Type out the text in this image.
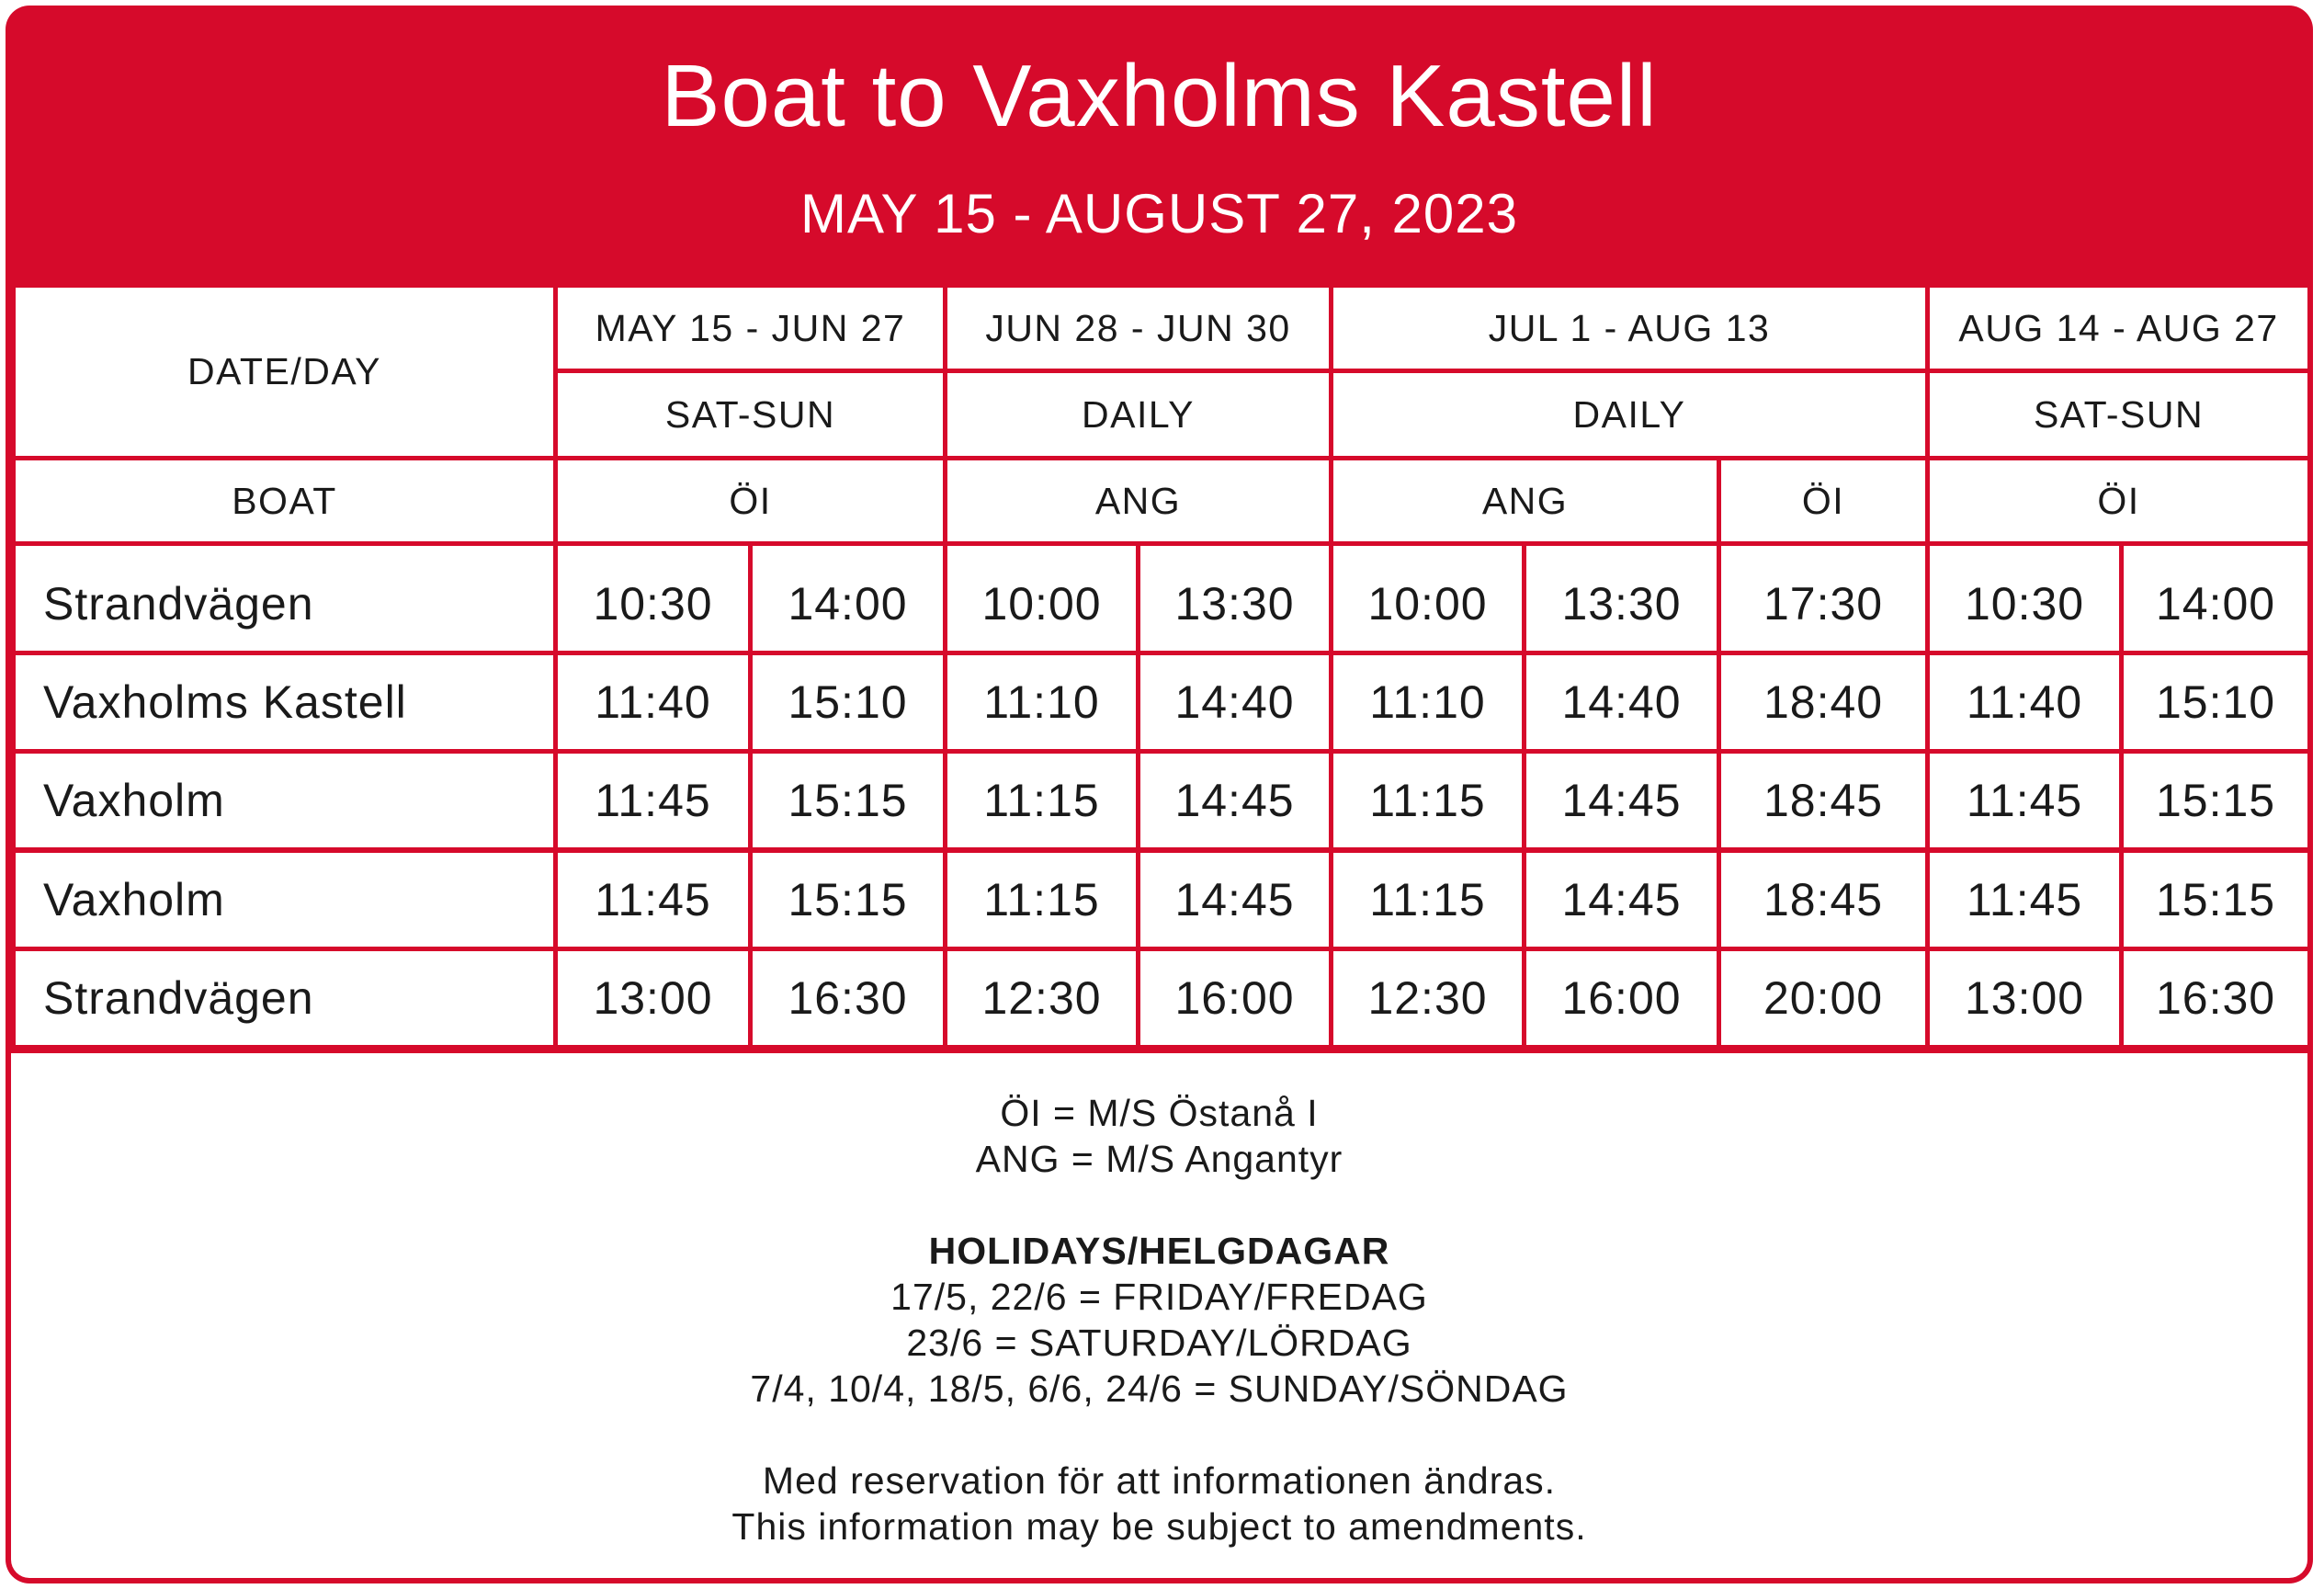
Boat to Vaxholms Kastell
MAY 15 - AUGUST 27, 2023
DATE/DAY	MAY 15 - JUN 27		JUN 28 - JUN 30		JUL 1 - AUG 13			AUG 14 - AUG 27	
	SAT-SUN		DAILY		DAILY			SAT-SUN	
BOAT	ÖI		ANG		ANG		ÖI	ÖI	
Strandvägen	10:30	14:00	10:00	13:30	10:00	13:30	17:30	10:30	14:00
Vaxholms Kastell	11:40	15:10	11:10	14:40	11:10	14:40	18:40	11:40	15:10
Vaxholm	11:45	15:15	11:15	14:45	11:15	14:45	18:45	11:45	15:15
Vaxholm	11:45	15:15	11:15	14:45	11:15	14:45	18:45	11:45	15:15
Strandvägen	13:00	16:30	12:30	16:00	12:30	16:00	20:00	13:00	16:30
ÖI = M/S Östanå I
ANG = M/S Angantyr
HOLIDAYS/HELGDAGAR
17/5, 22/6 = FRIDAY/FREDAG
23/6 = SATURDAY/LÖRDAG
7/4, 10/4, 18/5, 6/6, 24/6 = SUNDAY/SÖNDAG
Med reservation för att informationen ändras.
This information may be subject to amendments.
